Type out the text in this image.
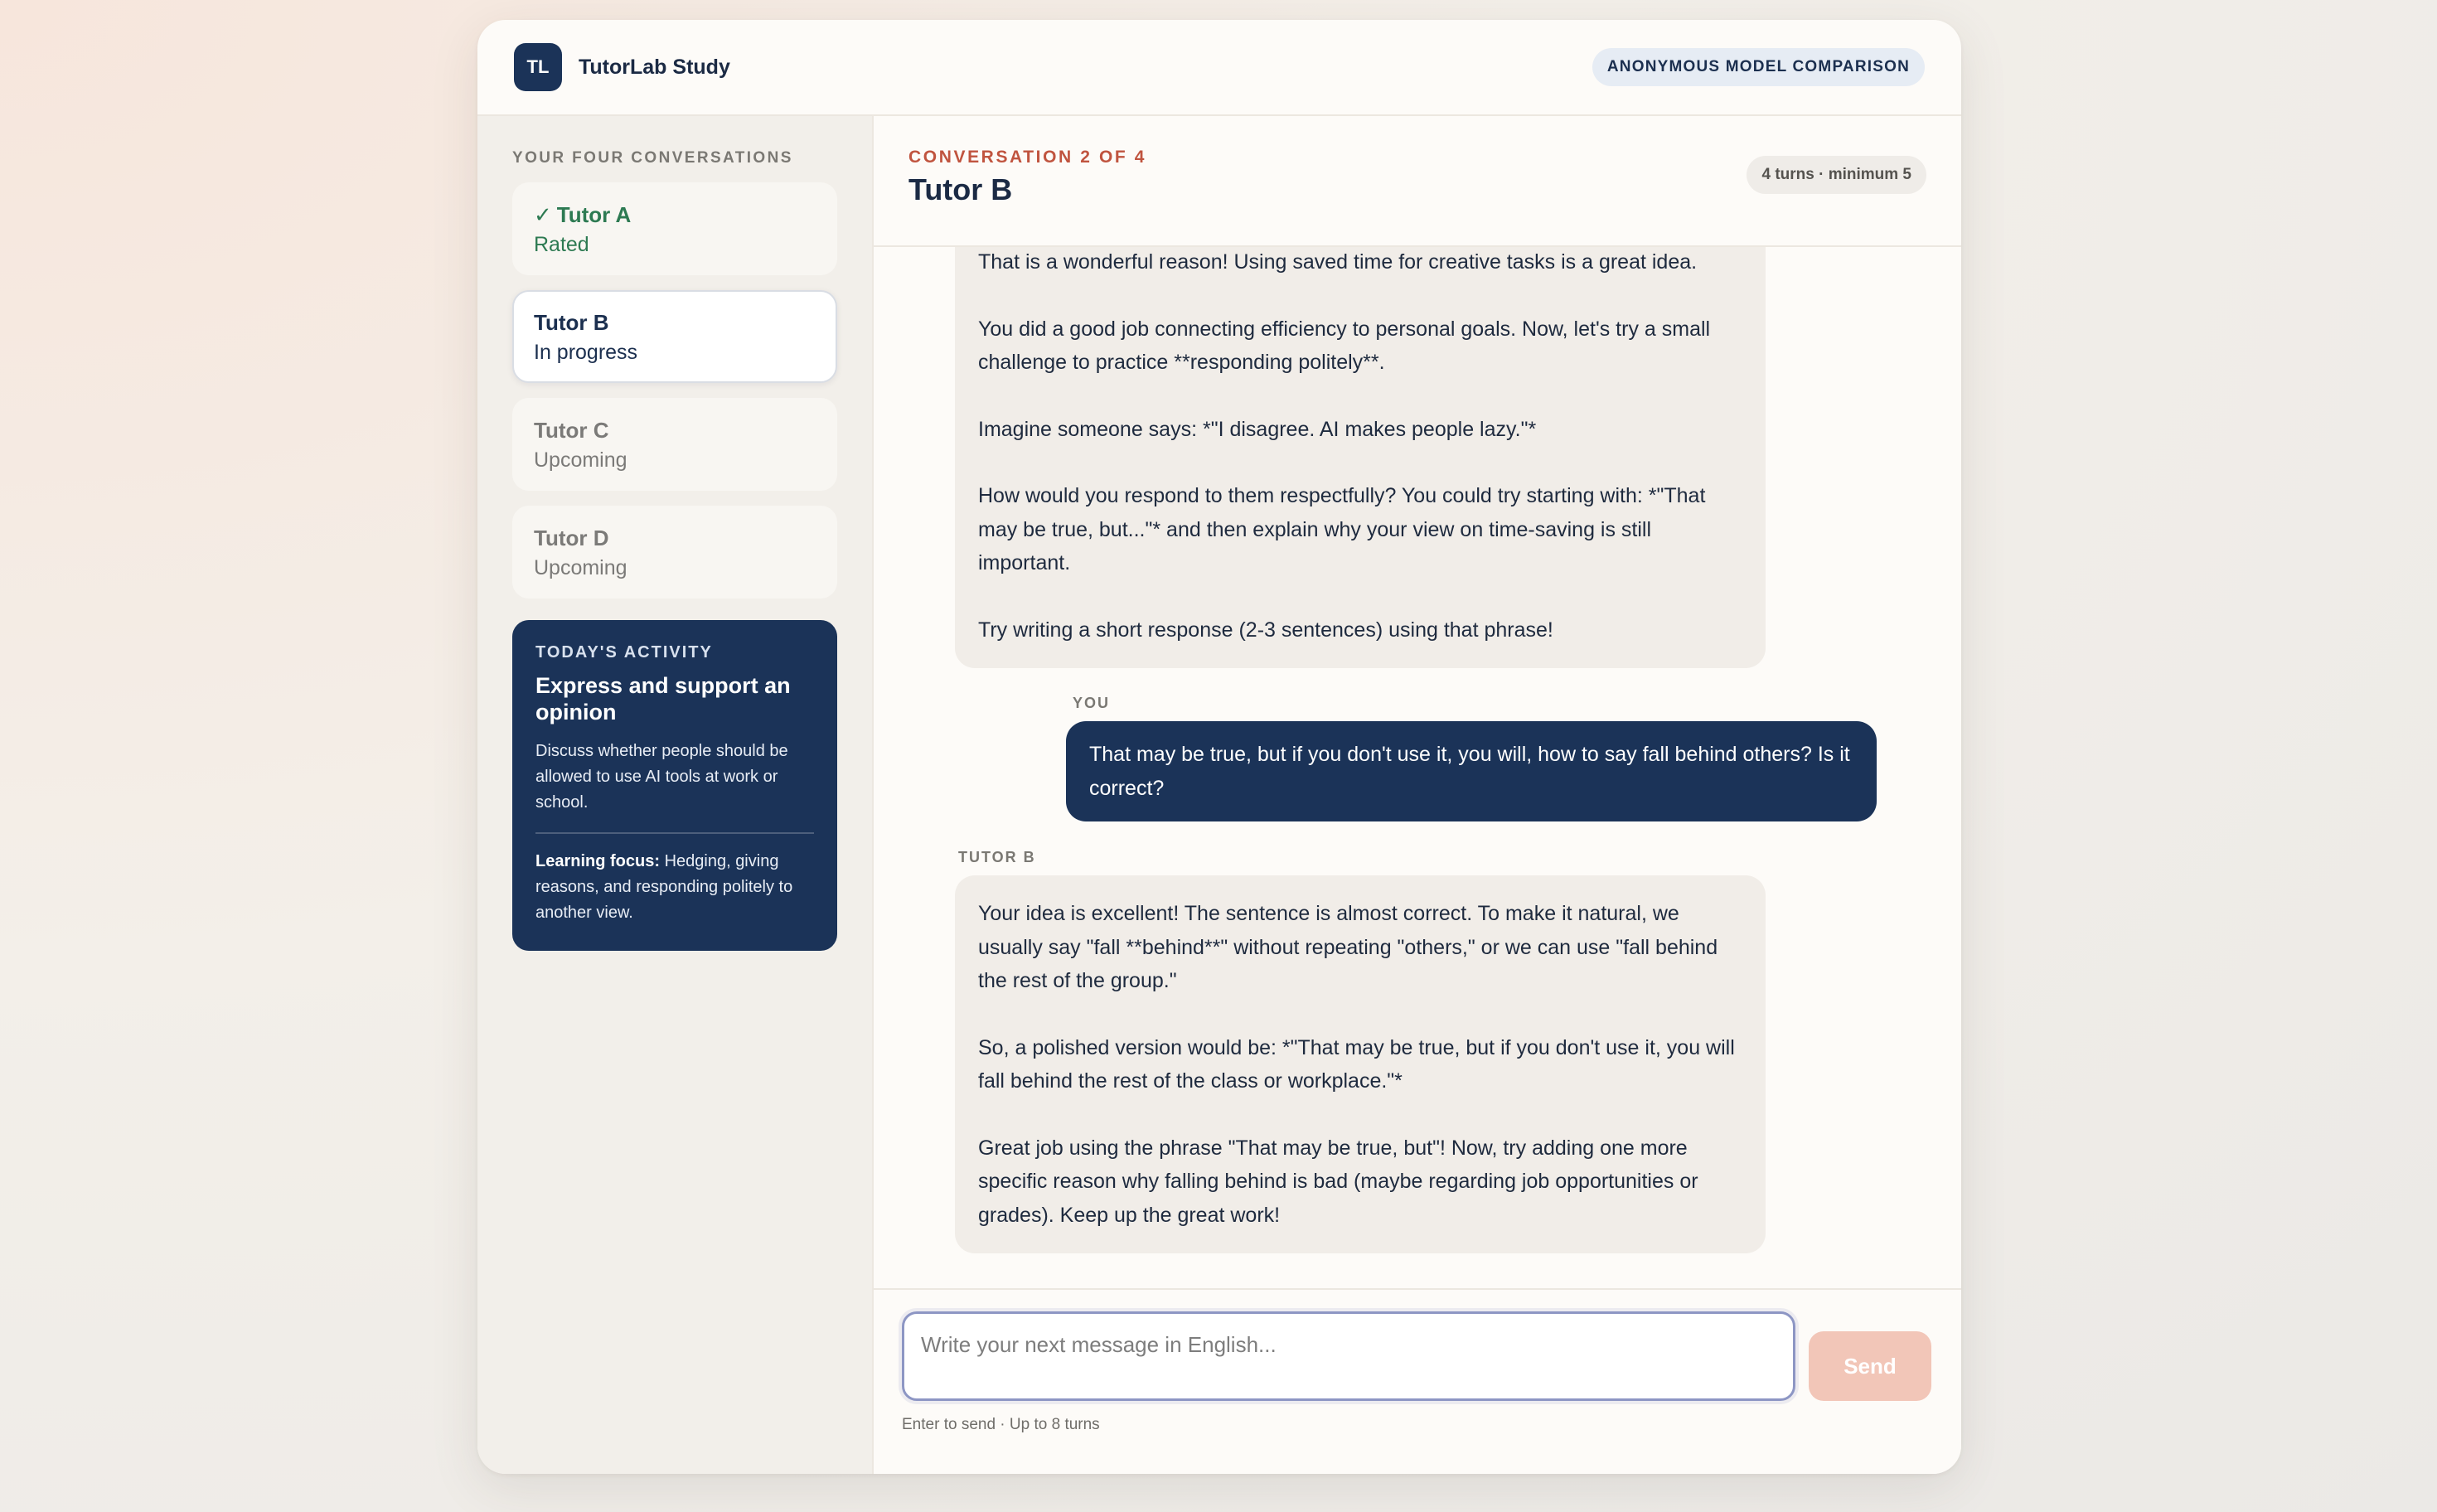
TL	TutorLab Study	ANONYMOUS MODEL COMPARISON
YOUR FOUR CONVERSATIONS
✓ Tutor A
Rated
Tutor B
In progress
Tutor C
Upcoming
Tutor D
Upcoming
TODAY'S ACTIVITY
Express and support an opinion
Discuss whether people should be allowed to use AI tools at work or school.
Learning focus: Hedging, giving reasons, and responding politely to another view.
CONVERSATION 2 OF 4
Tutor B	4 turns · minimum 5

That is a wonderful reason! Using saved time for creative tasks is a great idea.

You did a good job connecting efficiency to personal goals. Now, let's try a small challenge to practice **responding politely**.

Imagine someone says: *"I disagree. AI makes people lazy."*

How would you respond to them respectfully? You could try starting with: *"That may be true, but..."* and then explain why your view on time-saving is still important.

Try writing a short response (2-3 sentences) using that phrase!

YOU
That may be true, but if you don't use it, you will, how to say fall behind others? Is it correct?
TUTOR B

Your idea is excellent! The sentence is almost correct. To make it natural, we usually say "fall **behind**" without repeating "others," or we can use "fall behind the rest of the group."

So, a polished version would be: *"That may be true, but if you don't use it, you will fall behind the rest of the class or workplace."*

Great job using the phrase "That may be true, but"! Now, try adding one more specific reason why falling behind is bad (maybe regarding job opportunities or grades). Keep up the great work!

Write your next message in English...
Send
Enter to send · Up to 8 turns
